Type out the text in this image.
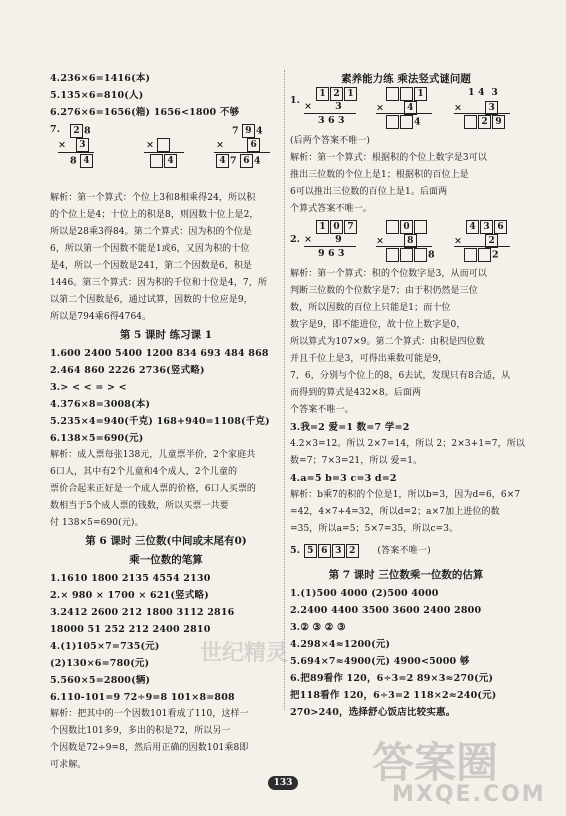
4.236×6=1416(本)
5.135×6=810(人)
6.276×6=1656(箱) 1656<1800 不够
7.	2 8
× 3
8 4
×
4
7 9 4
×	6
4 7 6 4
解析：第一个算式：个位上3和8相乘得24，所以积
的个位上是4；十位上的积是8，则因数十位上是2，
所以是28乘3得84。第二个算式：因为积的个位是
6，所以第一个因数不能是1或6，又因为积的十位
是4，所以一个因数是241，第二个因数是6，积是
1446。第三个算式：因为积的千位和十位是4，7，所
以第二个因数是6，通过试算，因数的十位应是9，
所以是794乘6得4764。
第 5 课时 练习课 1
1.600 2400 5400 1200 834 693 484 868
2.464 860 2226 2736(竖式略)
3.> < < = > <
4.376×8=3008(本)
5.235×4=940(千克) 168+940=1108(千克)
6.138×5=690(元)
解析：成人票每张138元，儿童票半价，2个家庭共
6口人，其中有2个儿童和4个成人，2个儿童的
票价合起来正好是一个成人票的价格，6口人买票的
数相当于5个成人票的钱数，所以买票一共要
付 138×5=690(元)。
第 6 课时 三位数(中间或末尾有0)
乘一位数的笔算
1.1610 1800 2135 4554 2130
2.× 980 × 1700 × 621(竖式略)
3.2412 2600 212 1800 3112 2816
18000 51 252 212 2400 2810
4.(1)105×7=735(元)
(2)130×6=780(元)
5.560×5=2800(辆)
6.110-101=9 72÷9=8 101×8=808
解析：把其中的一个因数101看成了110，这样一
个因数比101多9，多出的积是72，所以另一
个因数是72÷9=8，然后用正确的因数101乘8即
可求解。
素养能力练 乘法竖式谜问题
1.
1 2 1
×       3
3 6 3
1
×      4
4
1 4 3
×       3
2 9
(后两个答案不唯一)
解析：第一个算式：根据积的个位上数字是3可以
推出三位数的个位上是1；根据积的百位上是
6可以推出三位数的百位上是1。后面两
个算式答案不唯一。
2.
1 0 7
×       9
9 6 3
0
×      8
8
4 3 6
×       2
2
解析：第一个算式：积的个位数字是3，从而可以
判断三位数的个位数字是7；由于积仍然是三位
数，所以因数的百位上只能是1；而十位
数字是9，即不能进位，故十位上数字是0，
所以算式为107×9。第二个算式：由积是四位数
并且千位上是3，可得出乘数可能是9，
7，6，分别与个位上的8，6去试，发现只有8合适，从
而得到的算式是432×8。后面两
个答案不唯一。
3.我=2 爱=1 数=7 学=2
4.2×3=12。所以 2×7=14，所以 2；2×3+1=7，所以
数=7；7×3=21，所以 爱=1。
4.a=5 b=3 c=3 d=2
解析：b乘7的积的个位是1，所以b=3，因为d=6，6×7
=42，4×7+4=32，所以d=2；a×7加上进位的数
=35，所以a=5；5×7=35，所以c=3。
5. 5 6 3 2 (答案不唯一)
第 7 课时 三位数乘一位数的估算
1.(1)500 4000 (2)500 4000
2.2400 4400 3500 3600 2400 2800
3.② ③ ② ③
4.298×4≈1200(元)
5.694×7≈4900(元) 4900<5000 够
6.把89看作 120，6÷3=2 89×3≈270(元)
把118看作 120，6÷3=2 118×2≈240(元)
270>240，选择舒心饭店比较实惠。
133
世纪精灵
答案圈
MXQE.COM
